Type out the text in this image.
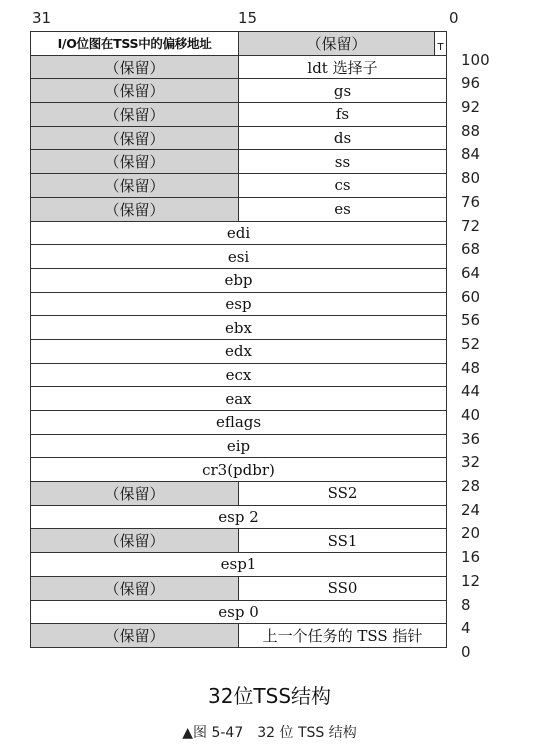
31	15	0
I/O位图在TSS中的偏移地址	（保留）	T
100
（保留）	ldt 选择子
96
（保留）	gs
92
（保留）	fs
88
（保留）	ds
84
（保留）	ss
80
（保留）	cs
76
（保留）	es
72
edi
68
esi
64
ebp
60
esp
56
ebx
52
edx
48
ecx
44
eax
40
eflags
36
eip
32
cr3(pdbr)
28
（保留）	SS2
24
esp 2
20
（保留）	SS1
16
esp1
12
（保留）	SS0
8
esp 0
4
（保留）	上一个任务的 TSS 指针
0
32位TSS结构
▲图 5-47　32 位 TSS 结构
